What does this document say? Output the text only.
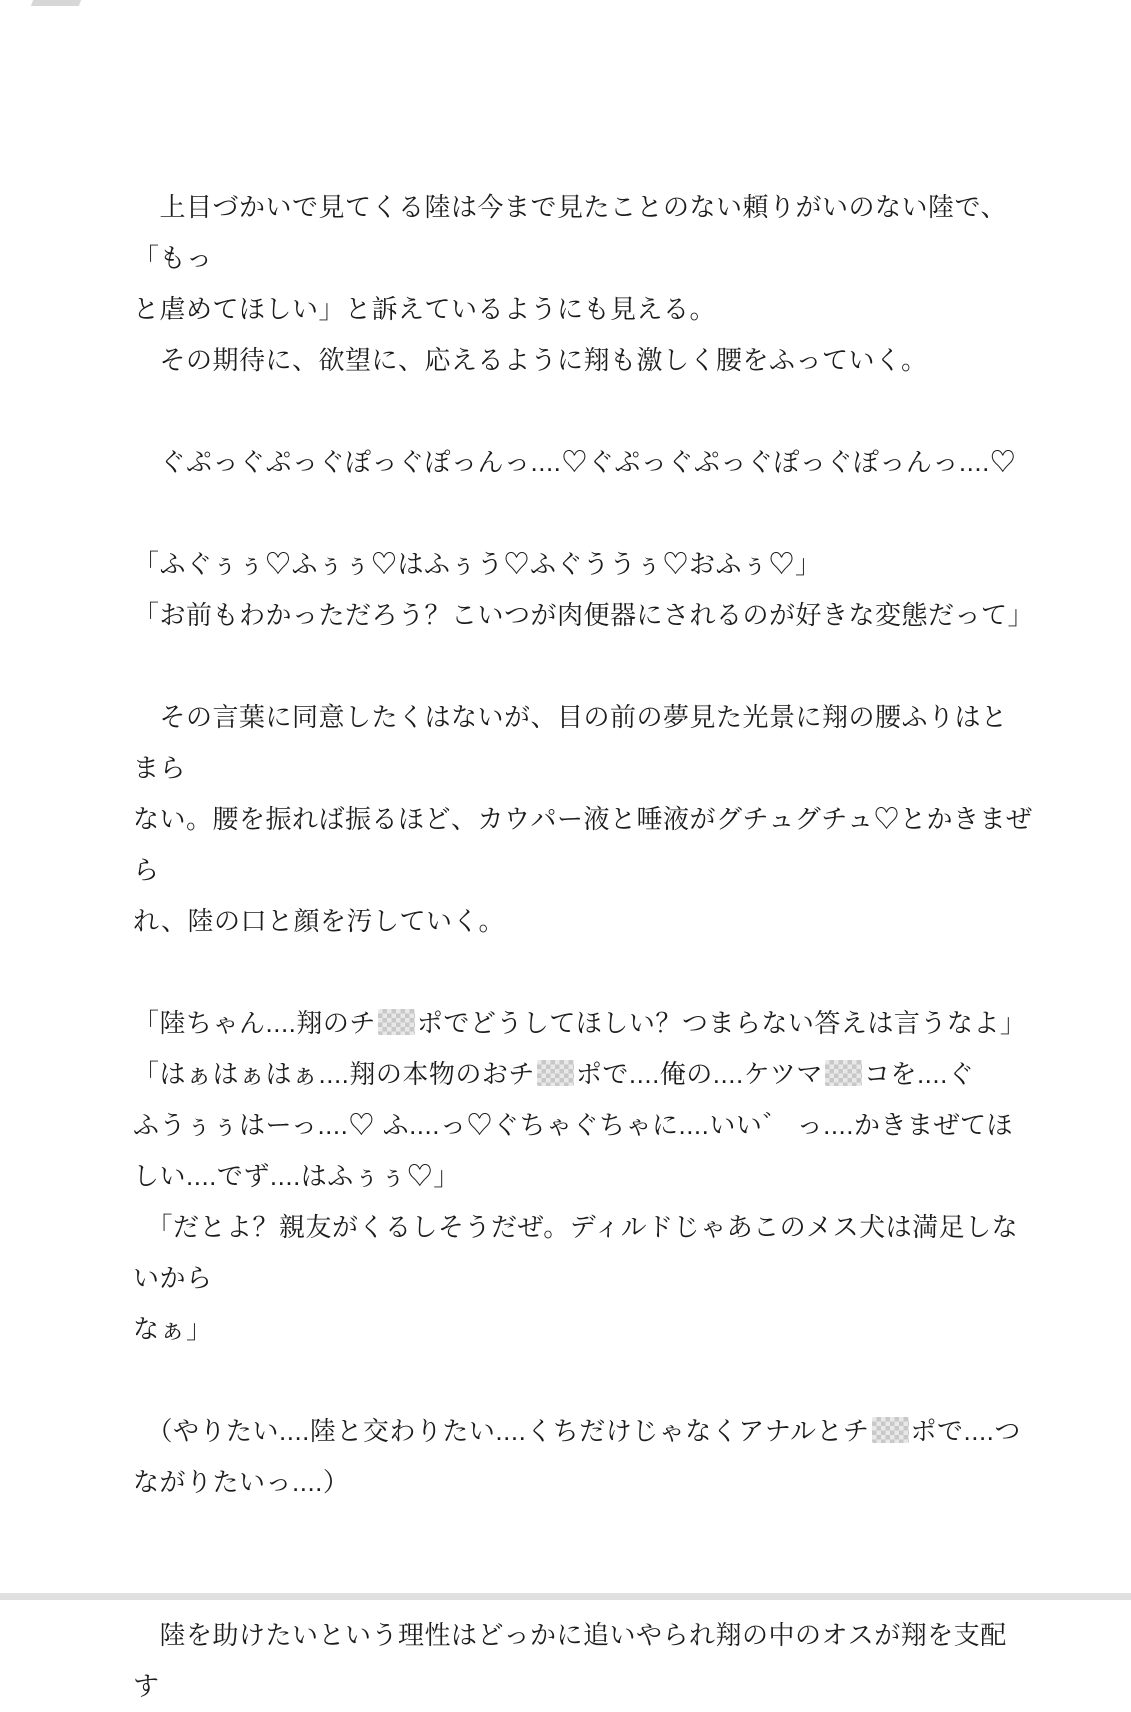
　上目づかいで見てくる陸は今まで見たことのない頼りがいのない陸で、「もっ
と虐めてほしい」と訴えているようにも見える。
　その期待に、欲望に、応えるように翔も激しく腰をふっていく。

　ぐぷっぐぷっぐぽっぐぽっんっ....♡ぐぷっぐぷっぐぽっぐぽっんっ....♡

「ふぐぅぅ♡ふぅぅ♡はふぅう♡ふぐううぅ♡おふぅ♡」
「お前もわかっただろう？こいつが肉便器にされるのが好きな変態だって」

　その言葉に同意したくはないが、目の前の夢見た光景に翔の腰ふりはとまら
ない。腰を振れば振るほど、カウパー液と唾液がグチュグチュ♡とかきまぜら
れ、陸の口と顔を汚していく。

「陸ちゃん....翔のチ ポでどうしてほしい？つまらない答えは言うなよ」
「はぁはぁはぁ....翔の本物のおチ ポで....俺の....ケツマ コを....ぐ
ふうぅぅはーっ....♡ ふ....っ♡ぐちゃぐちゃに....いい゛ っ....かきまぜてほ
しい....でず....はふぅぅ♡」
　「だとよ？親友がくるしそうだぜ。ディルドじゃあこのメス犬は満足しないから
なぁ」

　（やりたい....陸と交わりたい....くちだけじゃなくアナルとチ ポで....つ
ながりたいっ....）

　陸を助けたいという理性はどっかに追いやられ翔の中のオスが翔を支配す
